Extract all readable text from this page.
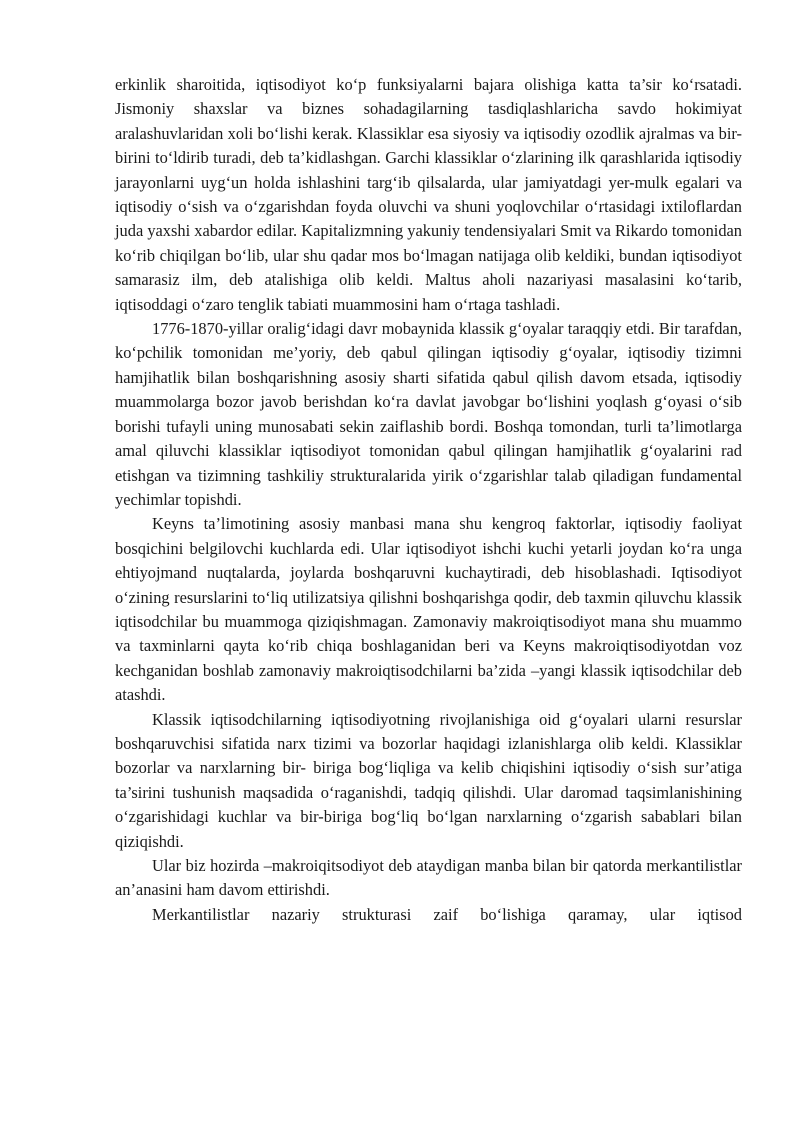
erkinlik sharoitida, iqtisodiyot ko‘p funksiyalarni bajara olishiga katta ta’sir ko‘rsatadi. Jismoniy shaxslar va biznes sohadagilarning tasdiqlashlaricha savdo hokimiyat aralashuvlaridan xoli bo‘lishi kerak. Klassiklar esa siyosiy va iqtisodiy ozodlik ajralmas va bir-birini to‘ldirib turadi, deb ta’kidlashgan. Garchi klassiklar o‘zlarining ilk qarashlarida iqtisodiy jarayonlarni uyg‘un holda ishlashini targ‘ib qilsalarda, ular jamiyatdagi yer-mulk egalari va iqtisodiy o‘sish va o‘zgarishdan foyda oluvchi va shuni yoqlovchilar o‘rtasidagi ixtiloflardan juda yaxshi xabardor edilar. Kapitalizmning yakuniy tendensiyalari Smit va Rikardo tomonidan ko‘rib chiqilgan bo‘lib, ular shu qadar mos bo‘lmagan natijaga olib keldiki, bundan iqtisodiyot samarasiz ilm, deb atalishiga olib keldi. Maltus aholi nazariyasi masalasini ko‘tarib, iqtisoddagi o‘zaro tenglik tabiati muammosini ham o‘rtaga tashladi.

1776-1870-yillar oralig‘idagi davr mobaynida klassik g‘oyalar taraqqiy etdi. Bir tarafdan, ko‘pchilik tomonidan me’yoriy, deb qabul qilingan iqtisodiy g‘oyalar, iqtisodiy tizimni hamjihatlik bilan boshqarishning asosiy sharti sifatida qabul qilish davom etsada, iqtisodiy muammolarga bozor javob berishdan ko‘ra davlat javobgar bo‘lishini yoqlash g‘oyasi o‘sib borishi tufayli uning munosabati sekin zaiflashib bordi. Boshqa tomondan, turli ta’limotlarga amal qiluvchi klassiklar iqtisodiyot tomonidan qabul qilingan hamjihatlik g‘oyalarini rad etishgan va tizimning tashkiliy strukturalarida yirik o‘zgarishlar talab qiladigan fundamental yechimlar topishdi.

Keyns ta’limotining asosiy manbasi mana shu kengroq faktorlar, iqtisodiy faoliyat bosqichini belgilovchi kuchlarda edi. Ular iqtisodiyot ishchi kuchi yetarli joydan ko‘ra unga ehtiyojmand nuqtalarda, joylarda boshqaruvni kuchaytiradi, deb hisoblashadi. Iqtisodiyot o‘zining resurslarini to‘liq utilizatsiya qilishni boshqarishga qodir, deb taxmin qiluvchu klassik iqtisodchilar bu muammoga qiziqishmagan. Zamonaviy makroiqtisodiyot mana shu muammo va taxminlarni qayta ko‘rib chiqa boshlaganidan beri va Keyns makroiqtisodiyotdan voz kechganidan boshlab zamonaviy makroiqtisodchilarni ba’zida –yangi klassik iqtisodchilar deb atashdi.

Klassik iqtisodchilarning iqtisodiyotning rivojlanishiga oid g‘oyalari ularni resurslar boshqaruvchisi sifatida narx tizimi va bozorlar haqidagi izlanishlarga olib keldi. Klassiklar bozorlar va narxlarning bir- biriga bog‘liqliga va kelib chiqishini iqtisodiy o‘sish sur’atiga ta’sirini tushunish maqsadida o‘raganishdi, tadqiq qilishdi. Ular daromad taqsimlanishining o‘zgarishidagi kuchlar va bir-biriga bog‘liq bo‘lgan narxlarning o‘zgarish sabablari bilan qiziqishdi.

Ular biz hozirda –makroiqitsodiyot deb ataydigan manba bilan bir qatorda merkantilistlar an’anasini ham davom ettirishdi.

Merkantilistlar nazariy strukturasi zaif bo‘lishiga qaramay, ular iqtisod
